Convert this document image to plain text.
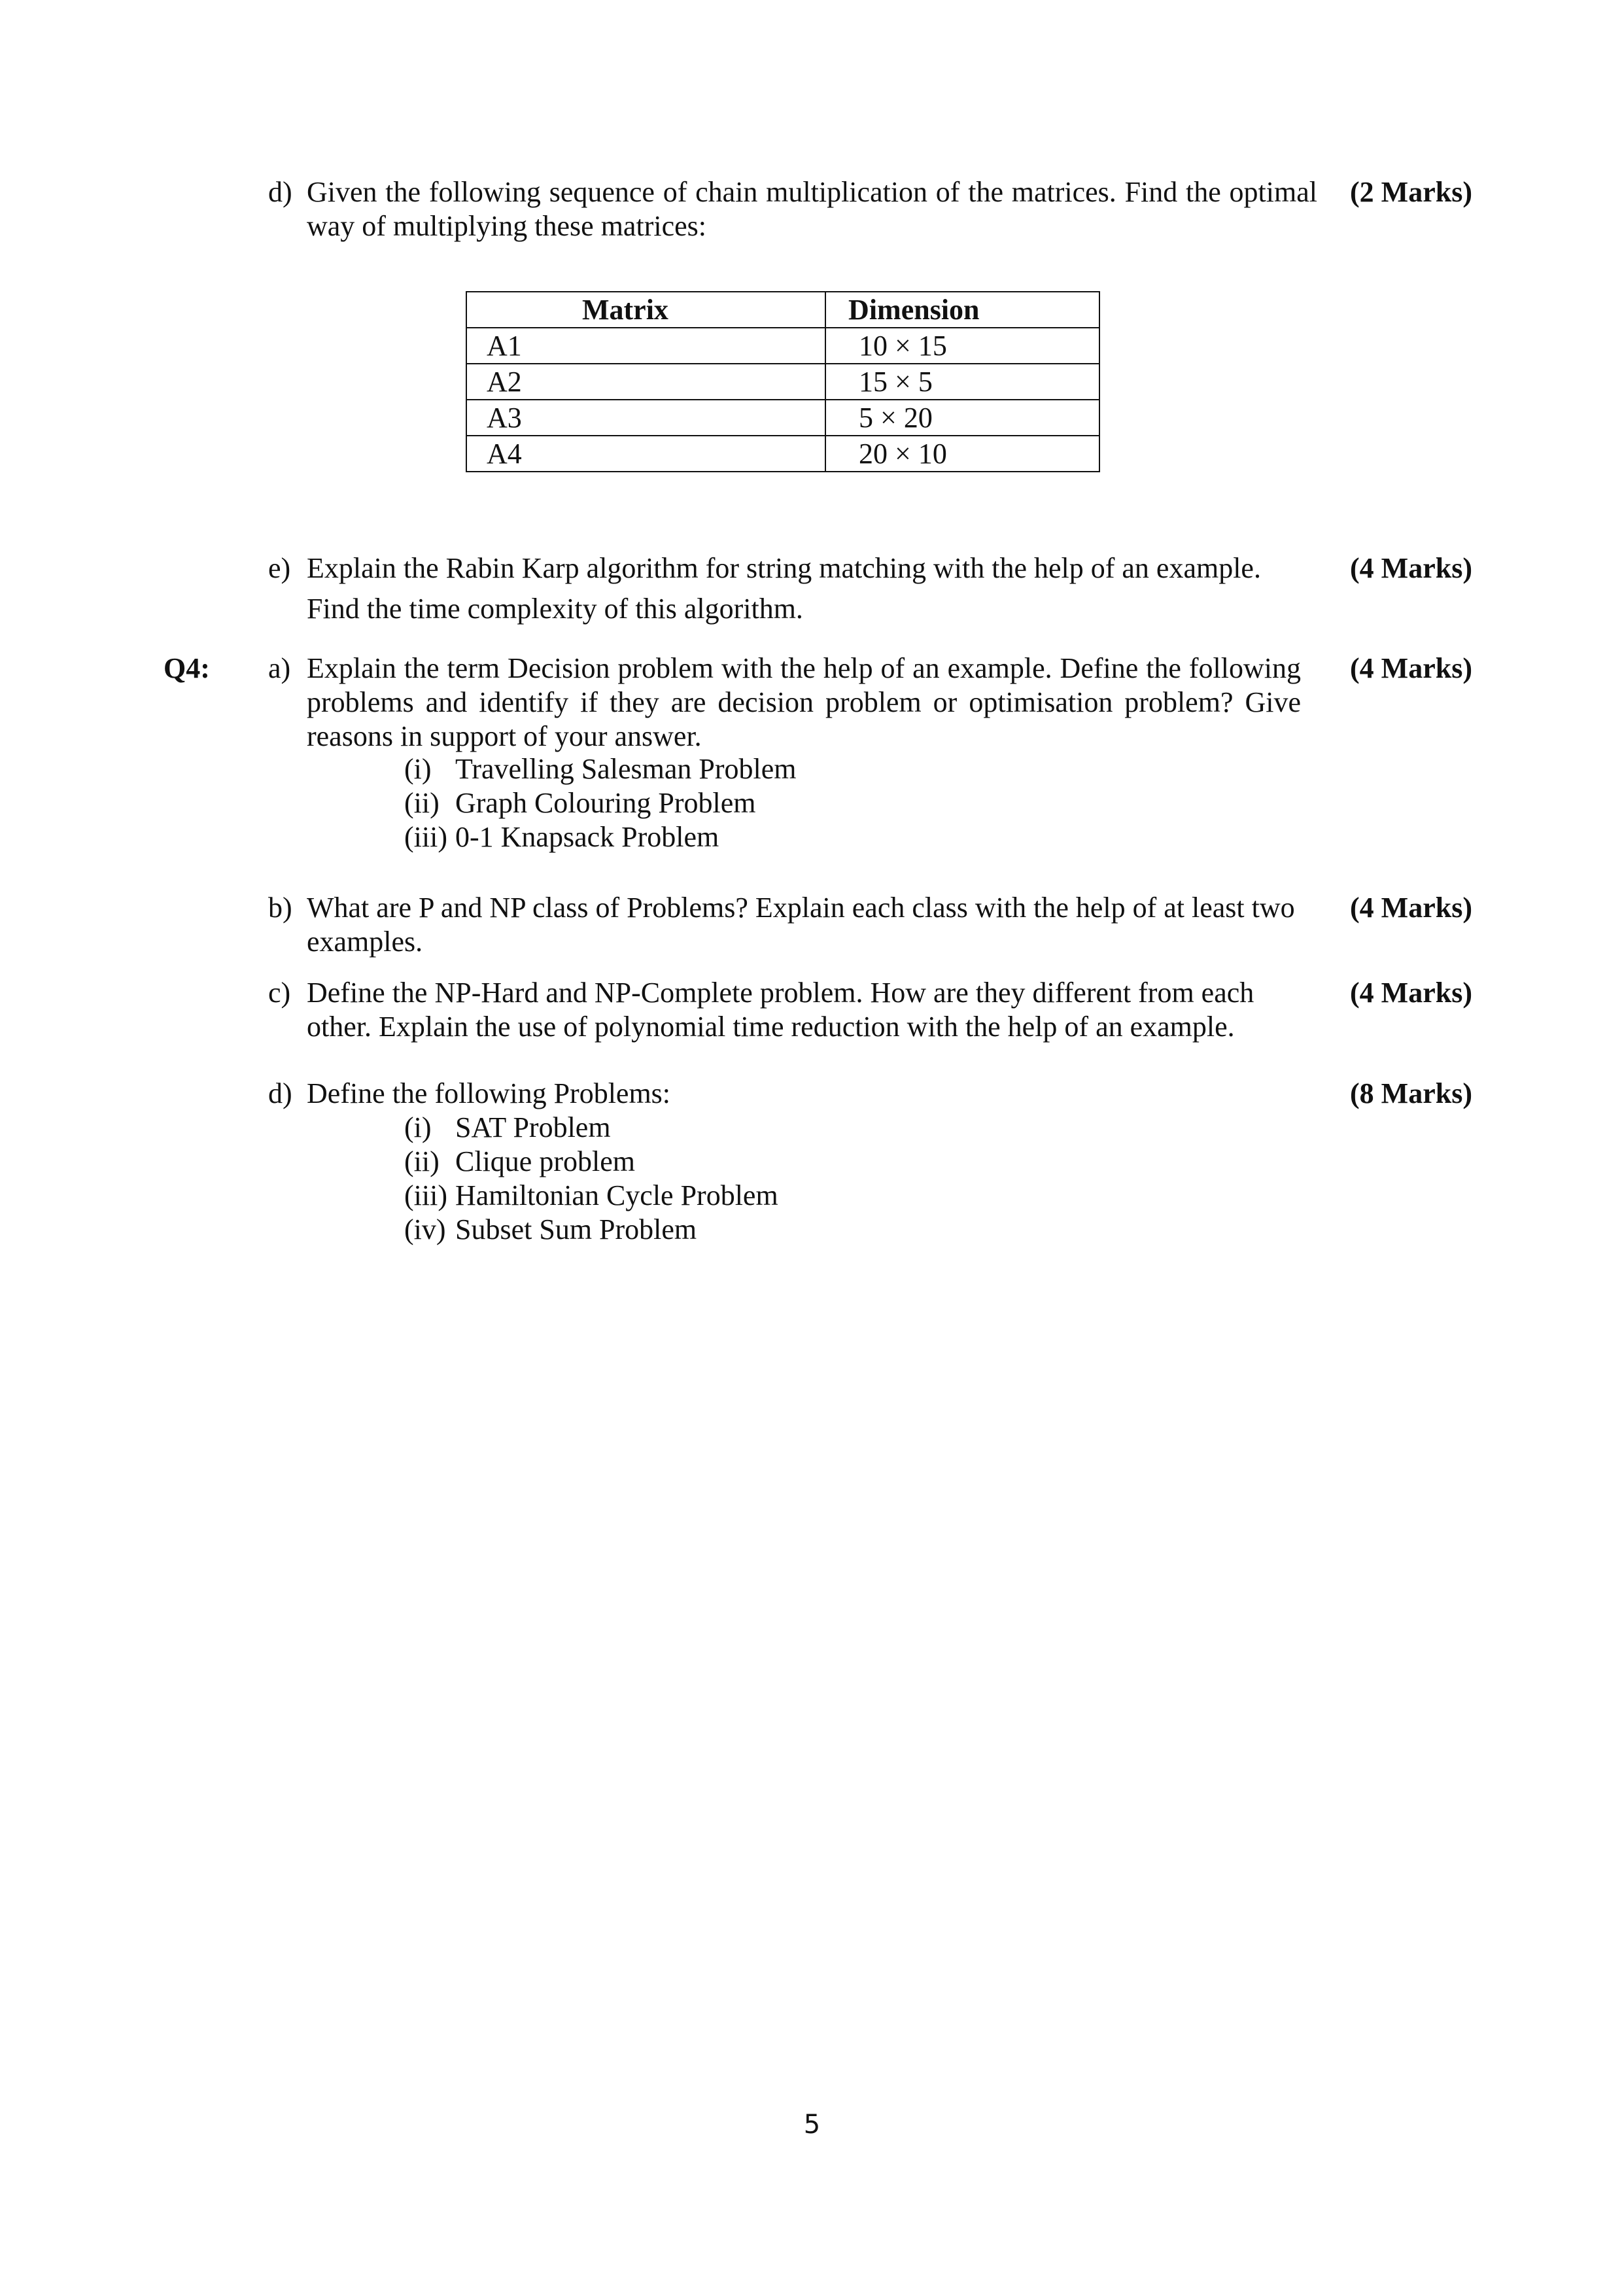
d) Given the following sequence of chain multiplication of the matrices. Find the optimal way of multiplying these matrices:
(2 Marks)
Matrix	Dimension
A1	10 × 15
A2	15 × 5
A3	5 × 20
A4	20 × 10
e) Explain the Rabin Karp algorithm for string matching with the help of an example.
Find the time complexity of this algorithm.
(4 Marks)
Q4: a) Explain the term Decision problem with the help of an example. Define the following problems and identify if they are decision problem or optimisation problem? Give reasons in support of your answer.
(4 Marks)
(i) Travelling Salesman Problem
(ii) Graph Colouring Problem
(iii) 0-1 Knapsack Problem
b) What are P and NP class of Problems? Explain each class with the help of at least two examples.
(4 Marks)
c) Define the NP-Hard and NP-Complete problem. How are they different from each other. Explain the use of polynomial time reduction with the help of an example.
(4 Marks)
d) Define the following Problems:	(8 Marks)
(i) SAT Problem
(ii) Clique problem
(iii) Hamiltonian Cycle Problem
(iv) Subset Sum Problem
5
